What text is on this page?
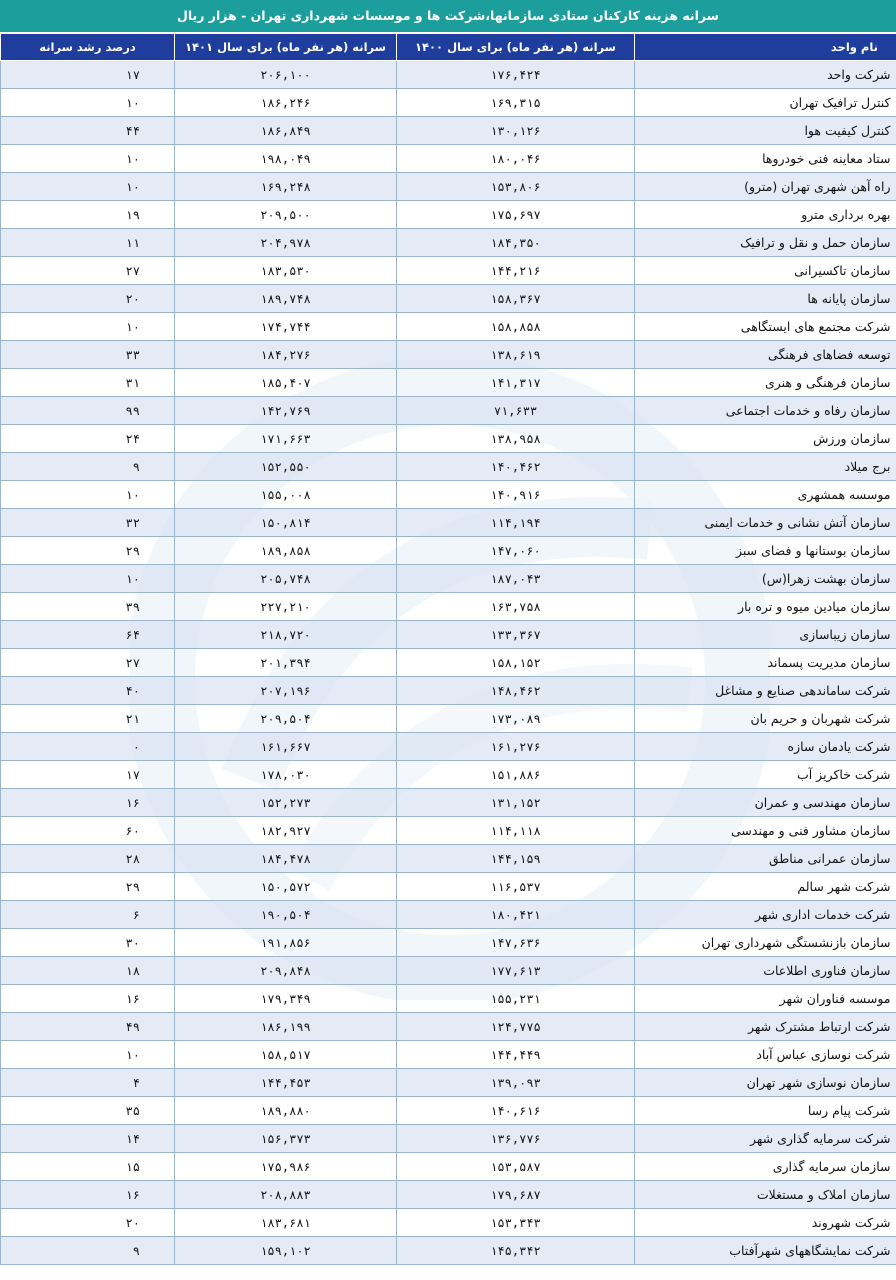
سرانه هزینه کارکنان ستادی سازمانها،شرکت ها و موسسات شهرداری تهران - هزار ریال
نام واحد	سرانه (هر نفر ماه) برای سال ۱۴۰۰	سرانه (هر نفر ماه) برای سال ۱۴۰۱	درصد رشد سرانه
شرکت واحد	۱۷۶,۴۲۴	۲۰۶,۱۰۰	۱۷
کنترل ترافیک تهران	۱۶۹,۳۱۵	۱۸۶,۲۴۶	۱۰
کنترل کیفیت هوا	۱۳۰,۱۲۶	۱۸۶,۸۴۹	۴۴
ستاد معاینه فنی خودروها	۱۸۰,۰۴۶	۱۹۸,۰۴۹	۱۰
راه آهن شهری تهران (مترو)	۱۵۳,۸۰۶	۱۶۹,۲۴۸	۱۰
بهره برداری مترو	۱۷۵,۶۹۷	۲۰۹,۵۰۰	۱۹
سازمان حمل و نقل و ترافیک	۱۸۴,۳۵۰	۲۰۴,۹۷۸	۱۱
سازمان تاکسیرانی	۱۴۴,۲۱۶	۱۸۳,۵۳۰	۲۷
سازمان پایانه ها	۱۵۸,۳۶۷	۱۸۹,۷۴۸	۲۰
شرکت مجتمع های ایستگاهی	۱۵۸,۸۵۸	۱۷۴,۷۴۴	۱۰
توسعه فضاهای فرهنگی	۱۳۸,۶۱۹	۱۸۴,۲۷۶	۳۳
سازمان فرهنگی و هنری	۱۴۱,۳۱۷	۱۸۵,۴۰۷	۳۱
سازمان رفاه و خدمات اجتماعی	۷۱,۶۳۳	۱۴۲,۷۶۹	۹۹
سازمان ورزش	۱۳۸,۹۵۸	۱۷۱,۶۶۳	۲۴
برج میلاد	۱۴۰,۴۶۲	۱۵۲,۵۵۰	۹
موسسه همشهری	۱۴۰,۹۱۶	۱۵۵,۰۰۸	۱۰
سازمان آتش نشانی و خدمات ایمنی	۱۱۴,۱۹۴	۱۵۰,۸۱۴	۳۲
سازمان بوستانها و فضای سبز	۱۴۷,۰۶۰	۱۸۹,۸۵۸	۲۹
سازمان بهشت زهرا(س)	۱۸۷,۰۴۳	۲۰۵,۷۴۸	۱۰
سازمان میادین میوه و تره بار	۱۶۳,۷۵۸	۲۲۷,۲۱۰	۳۹
سازمان زیباسازی	۱۳۳,۳۶۷	۲۱۸,۷۲۰	۶۴
سازمان مدیریت پسماند	۱۵۸,۱۵۲	۲۰۱,۳۹۴	۲۷
شرکت ساماندهی صنایع و مشاغل	۱۴۸,۴۶۲	۲۰۷,۱۹۶	۴۰
شرکت شهربان و حریم بان	۱۷۳,۰۸۹	۲۰۹,۵۰۴	۲۱
شرکت یادمان سازه	۱۶۱,۲۷۶	۱۶۱,۶۶۷	۰
شرکت خاکریز آب	۱۵۱,۸۸۶	۱۷۸,۰۳۰	۱۷
سازمان مهندسی و عمران	۱۳۱,۱۵۲	۱۵۲,۲۷۳	۱۶
سازمان مشاور فنی و مهندسی	۱۱۴,۱۱۸	۱۸۲,۹۲۷	۶۰
سازمان عمرانی مناطق	۱۴۴,۱۵۹	۱۸۴,۴۷۸	۲۸
شرکت شهر سالم	۱۱۶,۵۳۷	۱۵۰,۵۷۲	۲۹
شرکت خدمات اداری شهر	۱۸۰,۴۲۱	۱۹۰,۵۰۴	۶
سازمان بازنشستگی شهرداری تهران	۱۴۷,۶۳۶	۱۹۱,۸۵۶	۳۰
سازمان فناوری اطلاعات	۱۷۷,۶۱۳	۲۰۹,۸۴۸	۱۸
موسسه فناوران شهر	۱۵۵,۲۳۱	۱۷۹,۳۴۹	۱۶
شرکت ارتباط مشترک شهر	۱۲۴,۷۷۵	۱۸۶,۱۹۹	۴۹
شرکت نوسازی عباس آباد	۱۴۴,۴۴۹	۱۵۸,۵۱۷	۱۰
سازمان نوسازی شهر تهران	۱۳۹,۰۹۳	۱۴۴,۴۵۳	۴
شرکت پیام رسا	۱۴۰,۶۱۶	۱۸۹,۸۸۰	۳۵
شرکت سرمایه گذاری شهر	۱۳۶,۷۷۶	۱۵۶,۳۷۳	۱۴
سازمان سرمایه گذاری	۱۵۳,۵۸۷	۱۷۵,۹۸۶	۱۵
سازمان املاک و مستغلات	۱۷۹,۶۸۷	۲۰۸,۸۸۳	۱۶
شرکت شهروند	۱۵۳,۳۴۳	۱۸۳,۶۸۱	۲۰
شرکت نمایشگاههای شهرآفتاب	۱۴۵,۳۴۲	۱۵۹,۱۰۲	۹
